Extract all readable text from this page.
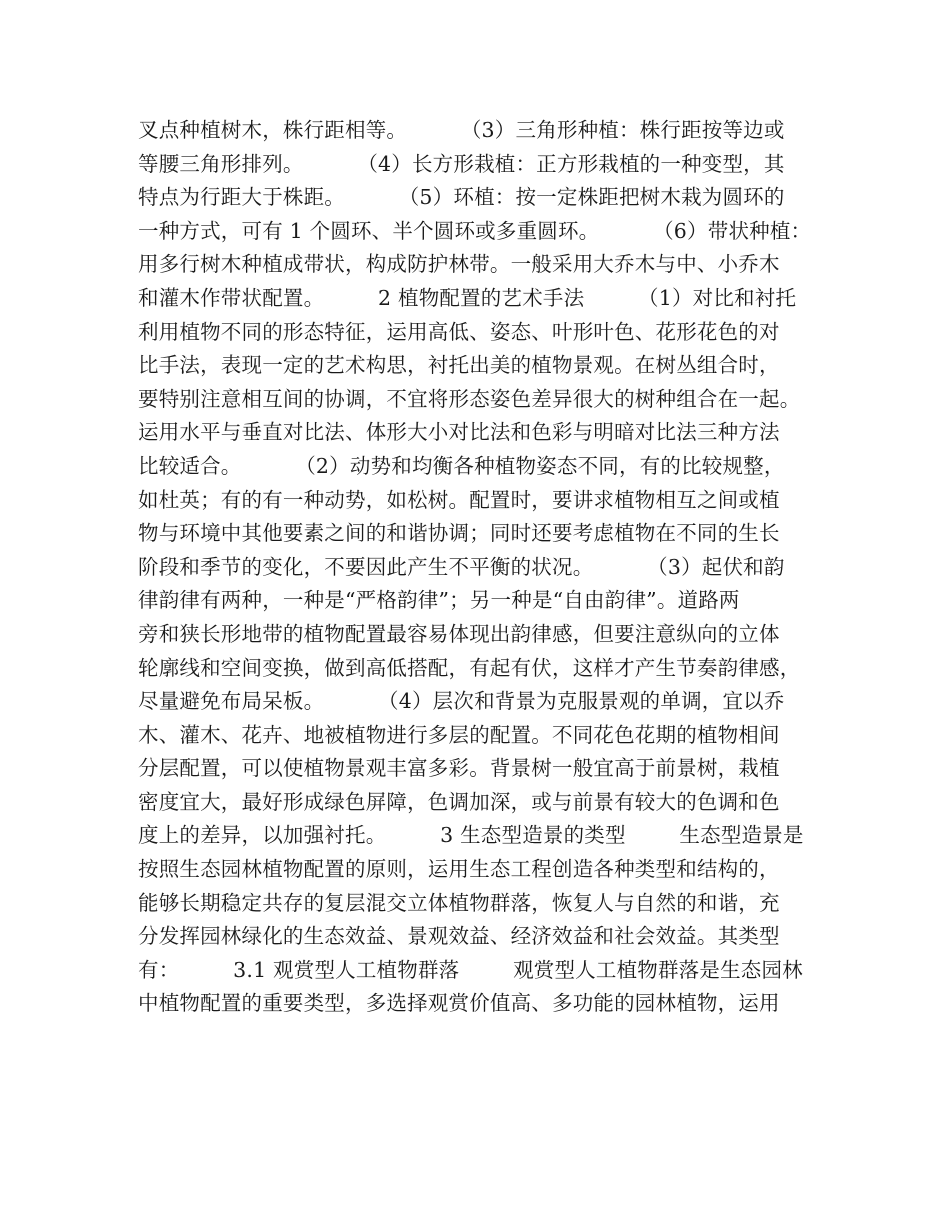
叉点种植树木，株行距相等。        （3）三角形种植：株行距按等边或
等腰三角形排列。        （4）长方形栽植：正方形栽植的一种变型，其
特点为行距大于株距。        （5）环植：按一定株距把树木栽为圆环的
一种方式，可有 1 个圆环、半个圆环或多重圆环。        （6）带状种植：
用多行树木种植成带状，构成防护林带。一般采用大乔木与中、小乔木
和灌木作带状配置。        2 植物配置的艺术手法        （1）对比和衬托
利用植物不同的形态特征，运用高低、姿态、叶形叶色、花形花色的对
比手法，表现一定的艺术构思，衬托出美的植物景观。在树丛组合时，
要特别注意相互间的协调，不宜将形态姿色差异很大的树种组合在一起。
运用水平与垂直对比法、体形大小对比法和色彩与明暗对比法三种方法
比较适合。        （2）动势和均衡各种植物姿态不同，有的比较规整，
如杜英；有的有一种动势，如松树。配置时，要讲求植物相互之间或植
物与环境中其他要素之间的和谐协调；同时还要考虑植物在不同的生长
阶段和季节的变化，不要因此产生不平衡的状况。        （3）起伏和韵
律韵律有两种，一种是“严格韵律”；另一种是“自由韵律”。道路两
旁和狭长形地带的植物配置最容易体现出韵律感，但要注意纵向的立体
轮廓线和空间变换，做到高低搭配，有起有伏，这样才产生节奏韵律感，
尽量避免布局呆板。        （4）层次和背景为克服景观的单调，宜以乔
木、灌木、花卉、地被植物进行多层的配置。不同花色花期的植物相间
分层配置，可以使植物景观丰富多彩。背景树一般宜高于前景树，栽植
密度宜大，最好形成绿色屏障，色调加深，或与前景有较大的色调和色
度上的差异，以加强衬托。        3 生态型造景的类型        生态型造景是
按照生态园林植物配置的原则，运用生态工程创造各种类型和结构的，
能够长期稳定共存的复层混交立体植物群落，恢复人与自然的和谐，充
分发挥园林绿化的生态效益、景观效益、经济效益和社会效益。其类型
有：        3.1 观赏型人工植物群落        观赏型人工植物群落是生态园林
中植物配置的重要类型，多选择观赏价值高、多功能的园林植物，运用
